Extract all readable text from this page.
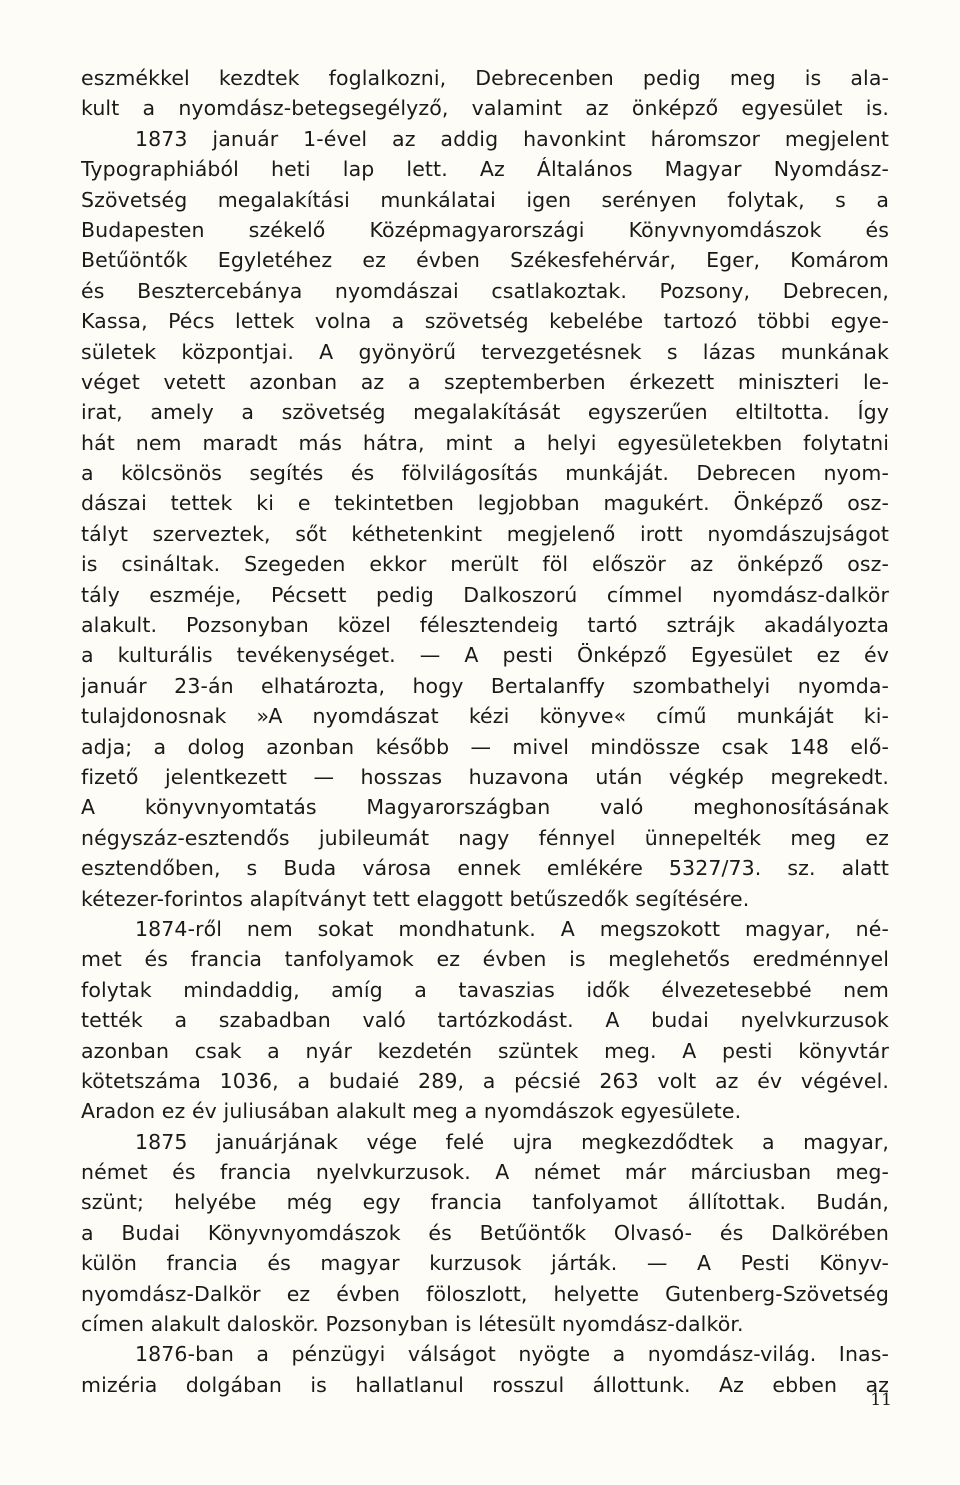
eszmékkel kezdtek foglalkozni, Debrecenben pedig meg is ala-
kult a nyomdász-betegsegélyző, valamint az önképző egyesület is.
1873 január 1-ével az addig havonkint háromszor megjelent
Typographiából heti lap lett. Az Általános Magyar Nyomdász-
Szövetség megalakítási munkálatai igen serényen folytak, s a
Budapesten székelő Középmagyarországi Könyvnyomdászok és
Betűöntők Egyletéhez ez évben Székesfehérvár, Eger, Komárom
és Besztercebánya nyomdászai csatlakoztak. Pozsony, Debrecen,
Kassa, Pécs lettek volna a szövetség kebelébe tartozó többi egye-
sületek központjai. A gyönyörű tervezgetésnek s lázas munkának
véget vetett azonban az a szeptemberben érkezett miniszteri le-
irat, amely a szövetség megalakítását egyszerűen eltiltotta. Így
hát nem maradt más hátra, mint a helyi egyesületekben folytatni
a kölcsönös segítés és fölvilágosítás munkáját. Debrecen nyom-
dászai tettek ki e tekintetben legjobban magukért. Önképző osz-
tályt szerveztek, sőt kéthetenkint megjelenő irott nyomdászujságot
is csináltak. Szegeden ekkor merült föl először az önképző osz-
tály eszméje, Pécsett pedig Dalkoszorú címmel nyomdász-dalkör
alakult. Pozsonyban közel félesztendeig tartó sztrájk akadályozta
a kulturális tevékenységet. — A pesti Önképző Egyesület ez év
január 23-án elhatározta, hogy Bertalanffy szombathelyi nyomda-
tulajdonosnak »A nyomdászat kézi könyve« című munkáját ki-
adja; a dolog azonban később — mivel mindössze csak 148 elő-
fizető jelentkezett — hosszas huzavona után végkép megrekedt.
A könyvnyomtatás Magyarországban való meghonosításának
négyszáz-esztendős jubileumát nagy fénnyel ünnepelték meg ez
esztendőben, s Buda városa ennek emlékére 5327/73. sz. alatt
kétezer-forintos alapítványt tett elaggott betűszedők segítésére.
1874-ről nem sokat mondhatunk. A megszokott magyar, né-
met és francia tanfolyamok ez évben is meglehetős eredménnyel
folytak mindaddig, amíg a tavaszias idők élvezetesebbé nem
tették a szabadban való tartózkodást. A budai nyelvkurzusok
azonban csak a nyár kezdetén szüntek meg. A pesti könyvtár
kötetszáma 1036, a budaié 289, a pécsié 263 volt az év végével.
Aradon ez év juliusában alakult meg a nyomdászok egyesülete.
1875 januárjának vége felé ujra megkezdődtek a magyar,
német és francia nyelvkurzusok. A német már márciusban meg-
szünt; helyébe még egy francia tanfolyamot állítottak. Budán,
a Budai Könyvnyomdászok és Betűöntők Olvasó- és Dalkörében
külön francia és magyar kurzusok járták. — A Pesti Könyv-
nyomdász-Dalkör ez évben föloszlott, helyette Gutenberg-Szövetség
címen alakult daloskör. Pozsonyban is létesült nyomdász-dalkör.
1876-ban a pénzügyi válságot nyögte a nyomdász-világ. Inas-
mizéria dolgában is hallatlanul rosszul állottunk. Az ebben az
11
